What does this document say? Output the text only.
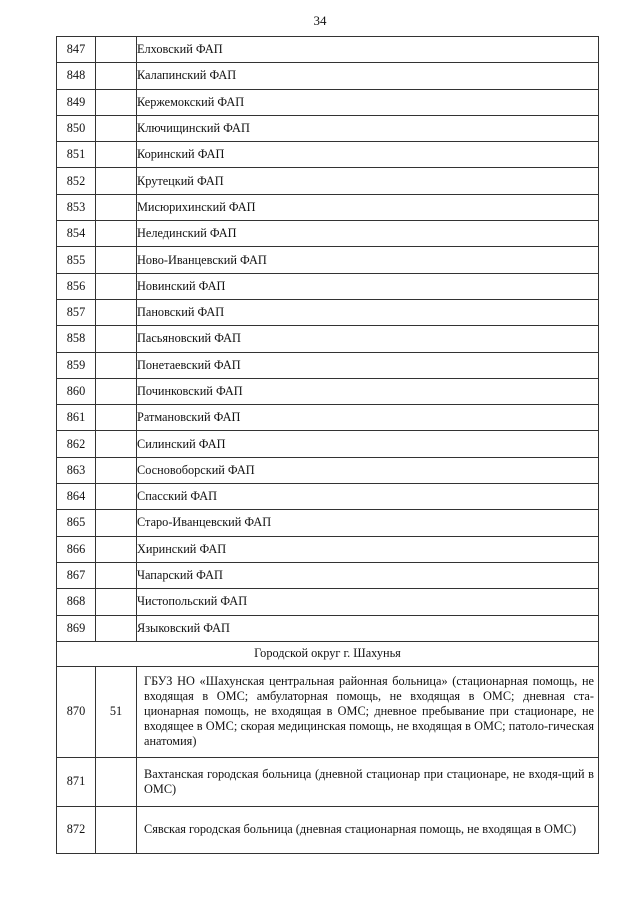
34
847		Елховский ФАП
848		Калапинский ФАП
849		Кержемокский ФАП
850		Ключищинский ФАП
851		Коринский ФАП
852		Крутецкий ФАП
853		Мисюрихинский ФАП
854		Нелединский ФАП
855		Ново-Иванцевский ФАП
856		Новинский ФАП
857		Пановский ФАП
858		Пасьяновский ФАП
859		Понетаевский ФАП
860		Починковский ФАП
861		Ратмановский ФАП
862		Силинский ФАП
863		Сосновоборский ФАП
864		Спасский ФАП
865		Старо-Иванцевский ФАП
866		Хиринский ФАП
867		Чапарский ФАП
868		Чистопольский ФАП
869		Языковский ФАП
Городской округ г. Шахунья		
870	51	ГБУЗ НО «Шахунская центральная районная больница» (стационарная помощь, не входящая в ОМС; амбулаторная помощь, не входящая в ОМС; дневная ста-ционарная помощь, не входящая в ОМС; дневное пребывание при стационаре, не входящее в ОМС; скорая медицинская помощь, не входящая в ОМС; патоло-гическая анатомия)
871		Вахтанская городская больница (дневной стационар при стационаре, не входя-щий в ОМС)
872		Сявская городская больница (дневная стационарная помощь, не входящая в ОМС)
